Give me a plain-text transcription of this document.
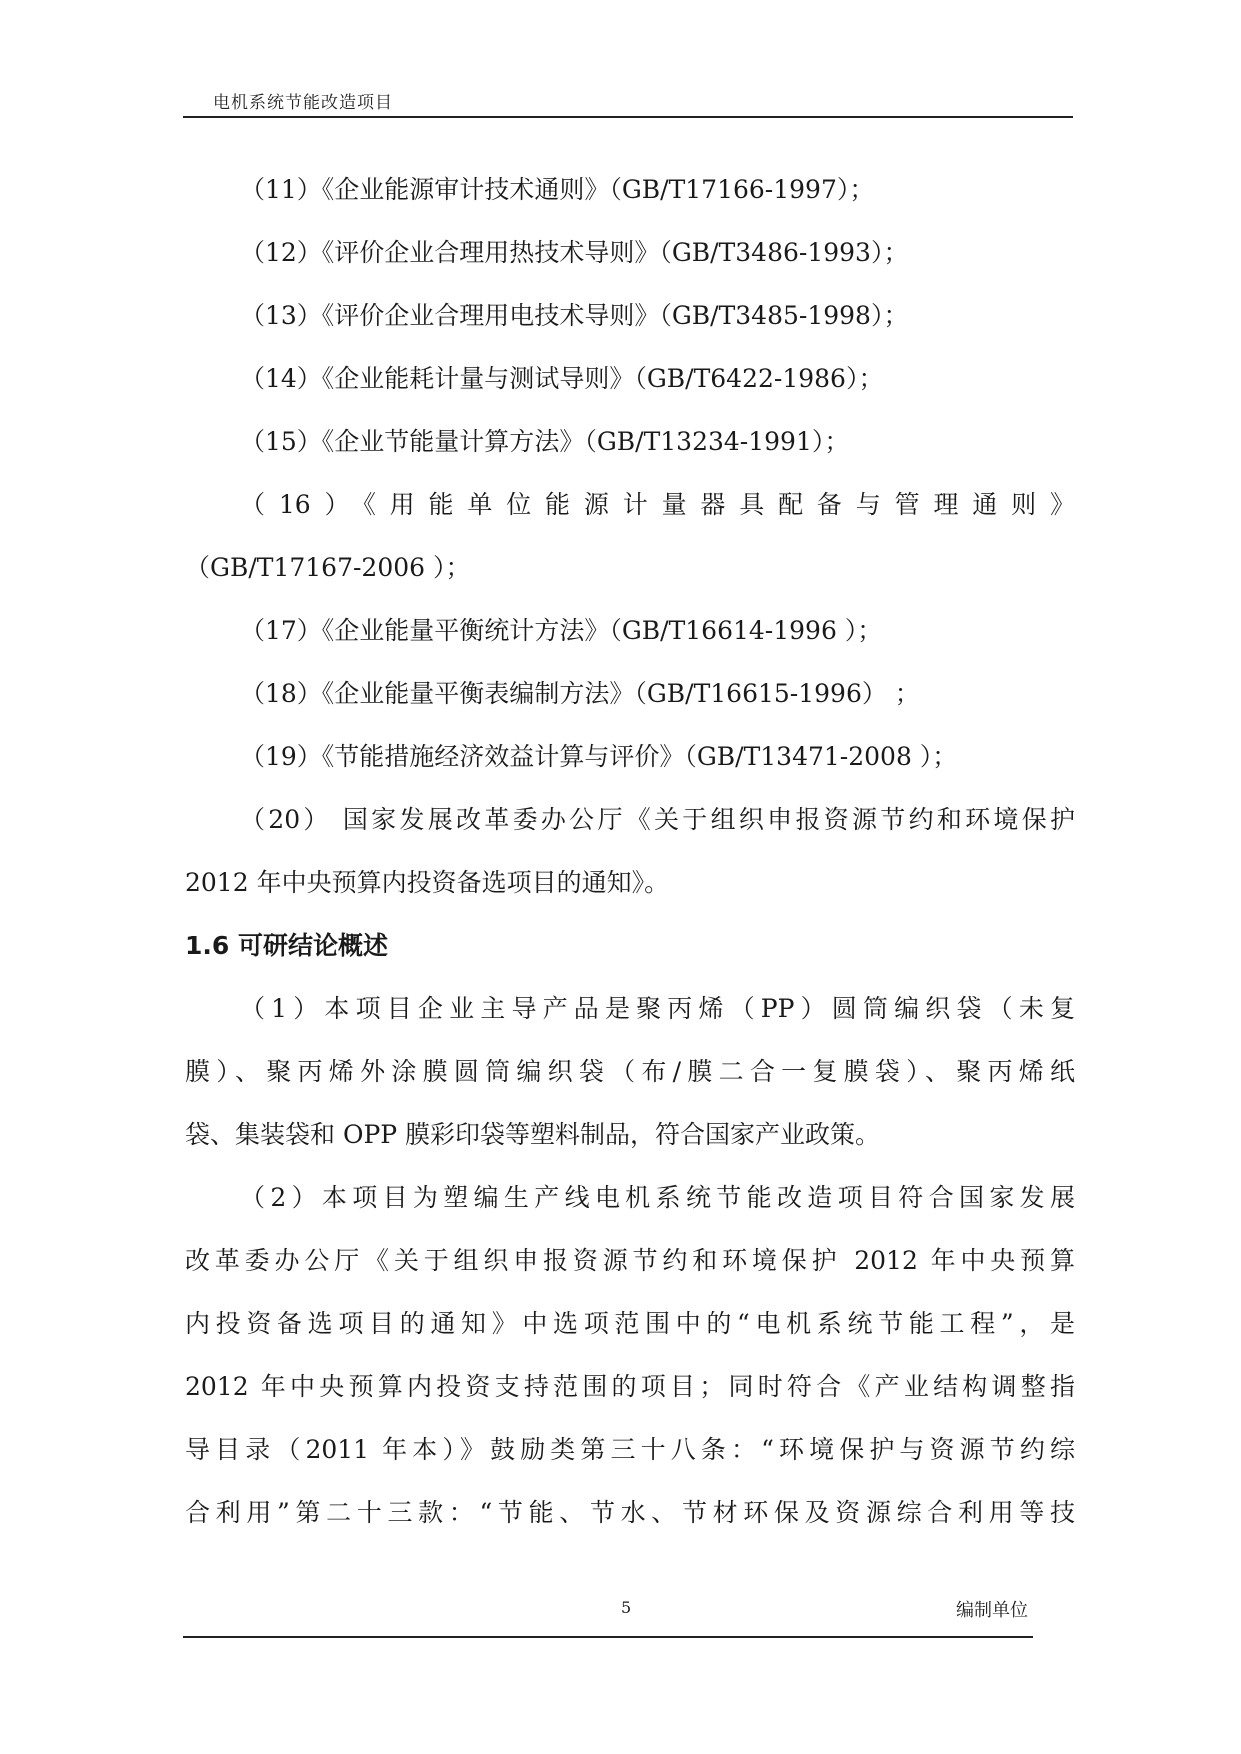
电机系统节能改造项目
（11）《企业能源审计技术通则》（GB/T17166-1997）；
（12）《评价企业合理用热技术导则》（GB/T3486-1993）；
（13）《评价企业合理用电技术导则》（GB/T3485-1998）；
（14）《企业能耗计量与测试导则》（GB/T6422-1986）；
（15）《企业节能量计算方法》（GB/T13234-1991）；
（16）《用能单位能源计量器具配备与管理通则》
（GB/T17167-2006 ）；
（17）《企业能量平衡统计方法》（GB/T16614-1996 ）；
（18）《企业能量平衡表编制方法》（GB/T16615-1996） ；
（19）《节能措施经济效益计算与评价》（GB/T13471-2008 ）；
（20） 国家发展改革委办公厅《关于组织申报资源节约和环境保护
2012 年中央预算内投资备选项目的通知》。
1.6 可研结论概述
（1）本项目企业主导产品是聚丙烯（PP）圆筒编织袋（未复
膜）、聚丙烯外涂膜圆筒编织袋（布/膜二合一复膜袋）、聚丙烯纸
袋、集装袋和 OPP 膜彩印袋等塑料制品，符合国家产业政策。
（2）本项目为塑编生产线电机系统节能改造项目符合国家发展
改革委办公厅《关于组织申报资源节约和环境保护 2012 年中央预算
内投资备选项目的通知》中选项范围中的“电机系统节能工程”，是
2012 年中央预算内投资支持范围的项目；同时符合《产业结构调整指
导目录（2011 年本）》鼓励类第三十八条：“环境保护与资源节约综
合利用”第二十三款：“节能、节水、节材环保及资源综合利用等技
5	编制单位
